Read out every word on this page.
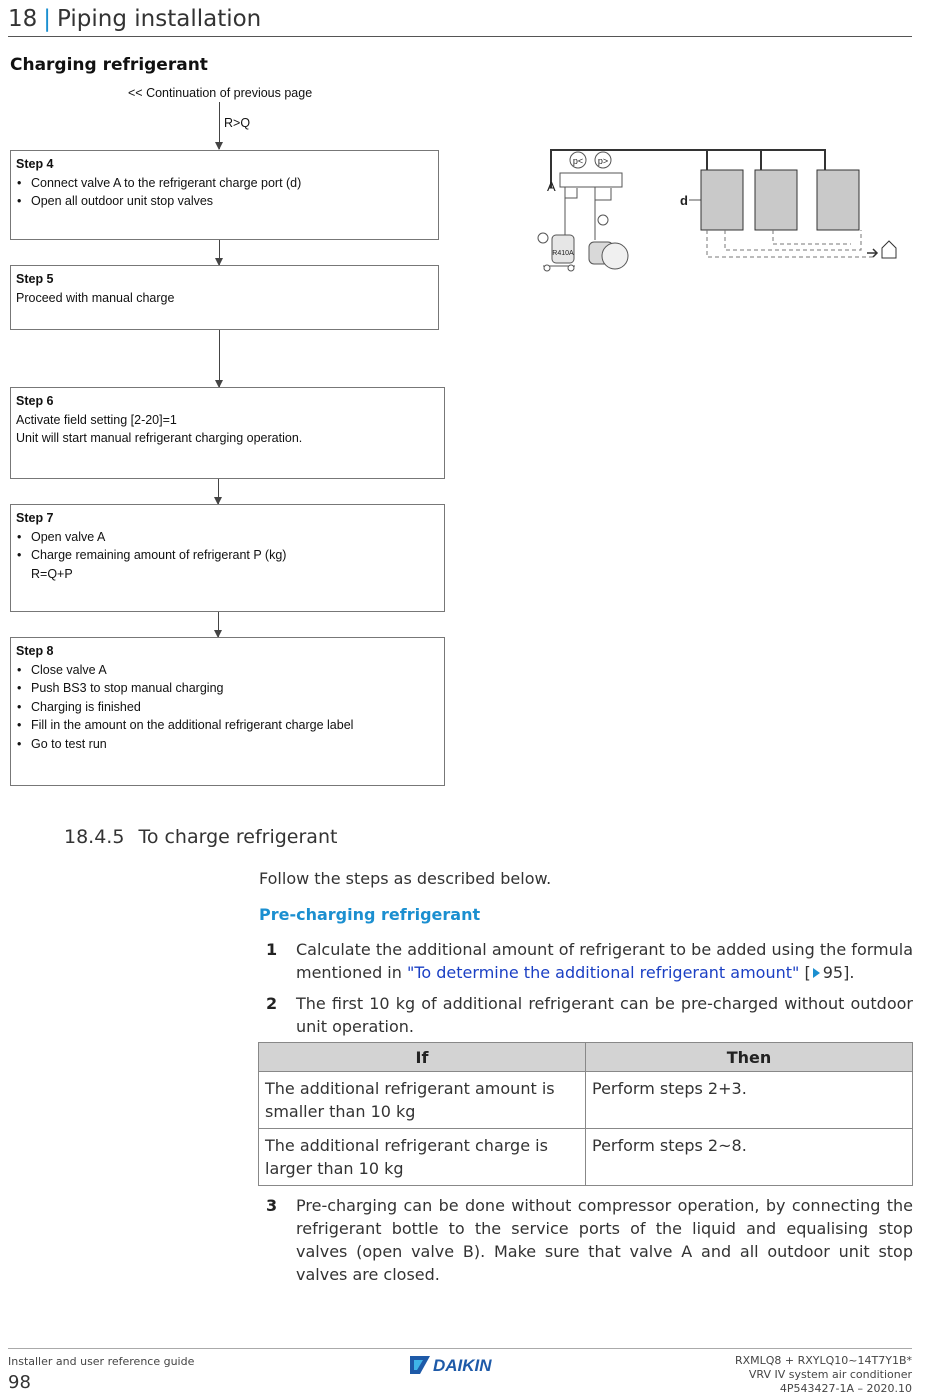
18 | Piping installation
Charging refrigerant
<< Continuation of previous page
R>Q
Step 4
• Connect valve A to the refrigerant charge port (d)
• Open all outdoor unit stop valves
Step 5
Proceed with manual charge
Step 6
Activate field setting [2-20]=1
Unit will start manual refrigerant charging operation.
Step 7
• Open valve A
• Charge remaining amount of refrigerant P (kg)
R=Q+P
Step 8
• Close valve A
• Push BS3 to stop manual charging
• Charging is finished
• Fill in the amount on the additional refrigerant charge label
• Go to test run
p< p>
A
R410A
d
18.4.5 To charge refrigerant
Follow the steps as described below.
Pre-charging refrigerant
1 Calculate the additional amount of refrigerant to be added using the formula mentioned in "To determine the additional refrigerant amount" [ 95].
2 The first 10 kg of additional refrigerant can be pre-charged without outdoor unit operation.
If	Then
The additional refrigerant amount is smaller than 10 kg	Perform steps 2+3.
The additional refrigerant charge is larger than 10 kg	Perform steps 2~8.
3 Pre-charging can be done without compressor operation, by connecting the refrigerant bottle to the service ports of the liquid and equalising stop valves (open valve B). Make sure that valve A and all outdoor unit stop valves are closed.
Installer and user reference guide
98
DAIKIN	RXMLQ8 + RXYLQ10~14T7Y1B*
VRV IV system air conditioner
4P543427-1A – 2020.10
